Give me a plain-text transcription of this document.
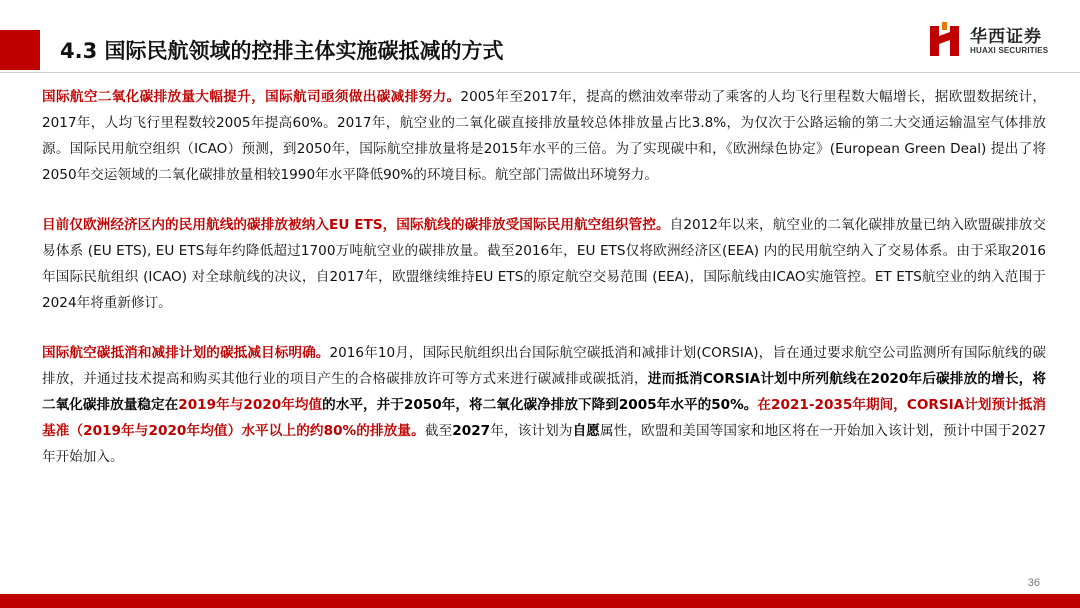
4.3 国际民航领域的控排主体实施碳抵减的方式
华西证券
HUAXI SECURITIES

国际航空二氧化碳排放量大幅提升，国际航司亟须做出碳减排努力。2005年至2017年，提高的燃油效率带动了乘客的人均飞行里程数大幅增长，据欧盟数据统计，2017年，人均飞行里程数较2005年提高60%。2017年，航空业的二氧化碳直接排放量较总体排放量占比3.8%，为仅次于公路运输的第二大交通运输温室气体排放源。国际民用航空组织（ICAO）预测，到2050年，国际航空排放量将是2015年水平的三倍。为了实现碳中和，《欧洲绿色协定》(European Green Deal) 提出了将2050年交运领域的二氧化碳排放量相较1990年水平降低90%的环境目标。航空部门需做出环境努力。

目前仅欧洲经济区内的民用航线的碳排放被纳入EU ETS，国际航线的碳排放受国际民用航空组织管控。自2012年以来，航空业的二氧化碳排放量已纳入欧盟碳排放交易体系 (EU ETS), EU ETS每年约降低超过1700万吨航空业的碳排放量。截至2016年，EU ETS仅将欧洲经济区(EEA) 内的民用航空纳入了交易体系。由于采取2016年国际民航组织 (ICAO) 对全球航线的决议，自2017年，欧盟继续维持EU ETS的原定航空交易范围 (EEA)，国际航线由ICAO实施管控。ET ETS航空业的纳入范围于2024年将重新修订。

国际航空碳抵消和减排计划的碳抵减目标明确。2016年10月，国际民航组织出台国际航空碳抵消和减排计划(CORSIA)，旨在通过要求航空公司监测所有国际航线的碳排放，并通过技术提高和购买其他行业的项目产生的合格碳排放许可等方式来进行碳减排或碳抵消，进而抵消CORSIA计划中所列航线在2020年后碳排放的增长，将二氧化碳排放量稳定在2019年与2020年均值的水平，并于2050年，将二氧化碳净排放下降到2005年水平的50%。在2021-2035年期间，CORSIA计划预计抵消基准（2019年与2020年均值）水平以上的约80%的排放量。截至2027年，该计划为自愿属性，欧盟和美国等国家和地区将在一开始加入该计划，预计中国于2027年开始加入。

36
